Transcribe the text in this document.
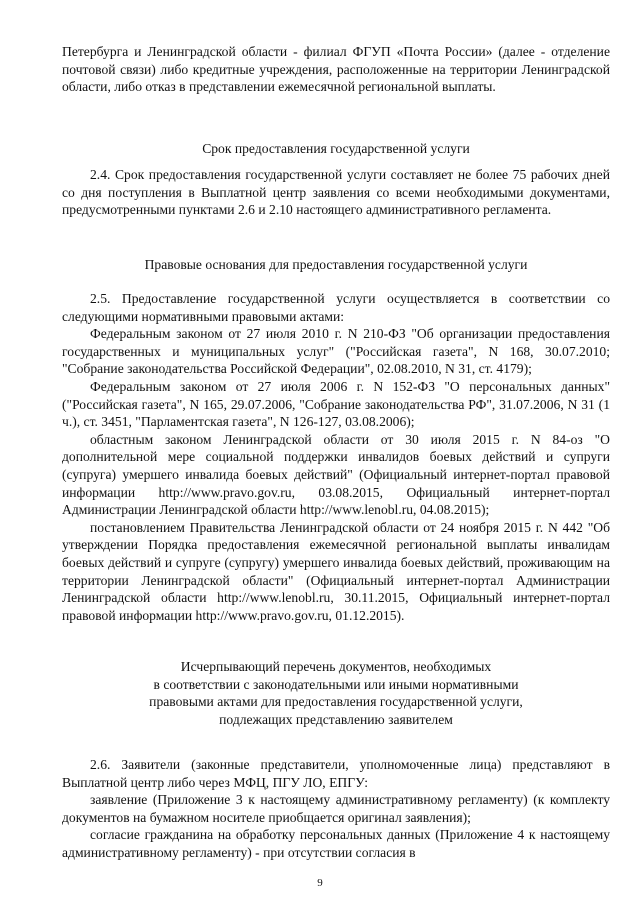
Петербурга и Ленинградской области - филиал ФГУП «Почта России» (далее - отделение почтовой связи) либо кредитные учреждения, расположенные на территории Ленинградской области, либо отказ в представлении ежемесячной региональной выплаты.

Срок предоставления государственной услуги

2.4. Срок предоставления государственной услуги составляет не более 75 рабочих дней со дня поступления в Выплатной центр заявления со всеми необходимыми документами, предусмотренными пунктами 2.6 и 2.10 настоящего административного регламента.

Правовые основания для предоставления государственной услуги

2.5. Предоставление государственной услуги осуществляется в соответствии со следующими нормативными правовыми актами:

Федеральным законом от 27 июля 2010 г. N 210-ФЗ "Об организации предоставления государственных и муниципальных услуг" ("Российская газета", N 168, 30.07.2010; "Собрание законодательства Российской Федерации", 02.08.2010, N 31, ст. 4179);

Федеральным законом от 27 июля 2006 г. N 152-ФЗ "О персональных данных" ("Российская газета", N 165, 29.07.2006, "Собрание законодательства РФ", 31.07.2006, N 31 (1 ч.), ст. 3451, "Парламентская газета", N 126-127, 03.08.2006);

областным законом Ленинградской области от 30 июля 2015 г. N 84-оз "О дополнительной мере социальной поддержки инвалидов боевых действий и супруги (супруга) умершего инвалида боевых действий" (Официальный интернет-портал правовой информации http://www.pravo.gov.ru, 03.08.2015, Официальный интернет-портал Администрации Ленинградской области http://www.lenobl.ru, 04.08.2015);

постановлением Правительства Ленинградской области от 24 ноября 2015 г. N 442 "Об утверждении Порядка предоставления ежемесячной региональной выплаты инвалидам боевых действий и супруге (супругу) умершего инвалида боевых действий, проживающим на территории Ленинградской области" (Официальный интернет-портал Администрации Ленинградской области http://www.lenobl.ru, 30.11.2015, Официальный интернет-портал правовой информации http://www.pravo.gov.ru, 01.12.2015).

Исчерпывающий перечень документов, необходимых

в соответствии с законодательными или иными нормативными

правовыми актами для предоставления государственной услуги,

подлежащих представлению заявителем

2.6. Заявители (законные представители, уполномоченные лица) представляют в Выплатной центр либо через МФЦ, ПГУ ЛО, ЕПГУ:

заявление (Приложение 3 к настоящему административному регламенту) (к комплекту документов на бумажном носителе приобщается оригинал заявления);

согласие гражданина на обработку персональных данных (Приложение 4 к настоящему административному регламенту) - при отсутствии согласия в

9
